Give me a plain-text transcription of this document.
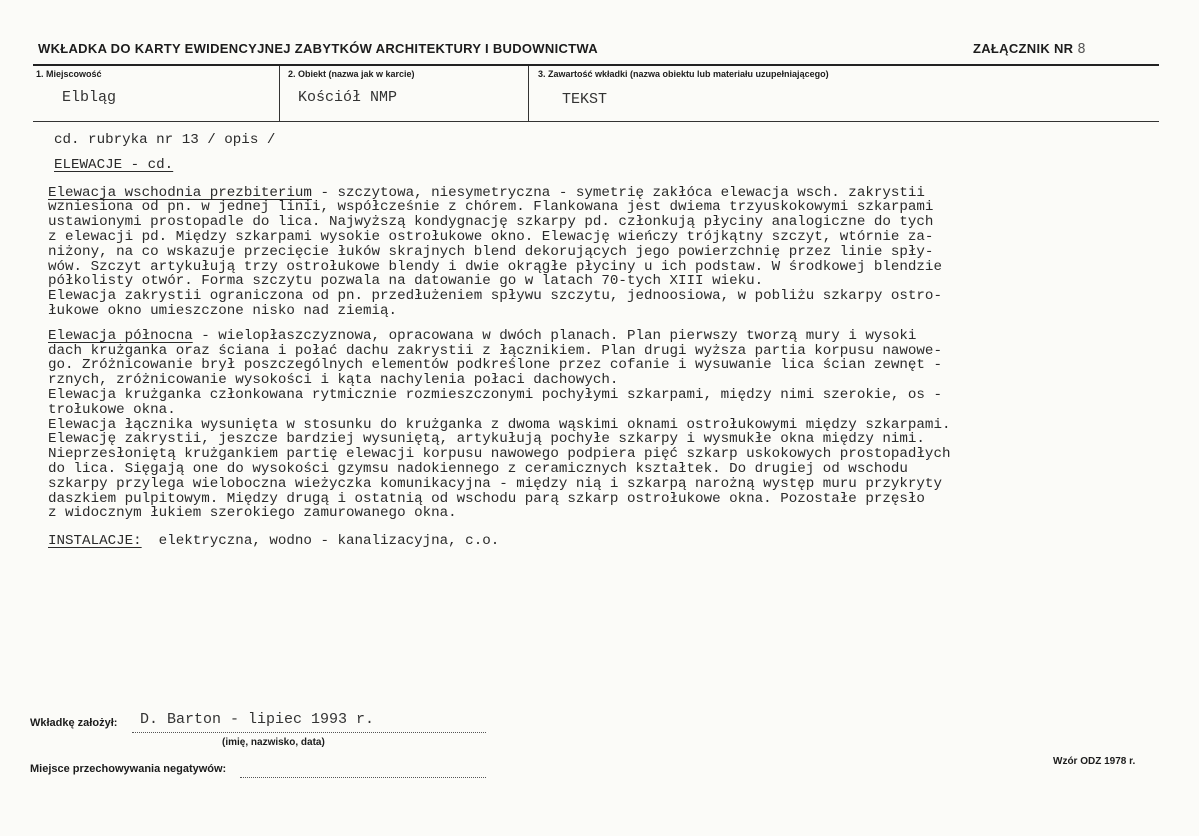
WKŁADKA DO KARTY EWIDENCYJNEJ ZABYTKÓW ARCHITEKTURY I BUDOWNICTWA	ZAŁĄCZNIK NR 8
1. Miejscowość
Elbląg
2. Obiekt (nazwa jak w karcie)
Kościół NMP
3. Zawartość wkładki (nazwa obiektu lub materiału uzupełniającego)
TEKST

cd. rubryka nr 13 / opis /

ELEWACJE - cd.

Elewacja wschodnia prezbiterium - szczytowa, niesymetryczna - symetrię zakłóca elewacja wsch. zakrystii

wzniesiona od pn. w jednej linii, współcześnie z chórem. Flankowana jest dwiema trzyuskokowymi szkarpami

ustawionymi prostopadle do lica. Najwyższą kondygnację szkarpy pd. członkują płyciny analogiczne do tych

z elewacji pd. Między szkarpami wysokie ostrołukowe okno. Elewację wieńczy trójkątny szczyt, wtórnie za-

niżony, na co wskazuje przecięcie łuków skrajnych blend dekorujących jego powierzchnię przez linie spły-

wów. Szczyt artykułują trzy ostrołukowe blendy i dwie okrągłe płyciny u ich podstaw. W środkowej blendzie

półkolisty otwór. Forma szczytu pozwala na datowanie go w latach 70-tych XIII wieku.

Elewacja zakrystii ograniczona od pn. przedłużeniem spływu szczytu, jednoosiowa, w pobliżu szkarpy ostro-

łukowe okno umieszczone nisko nad ziemią.

Elewacja północna - wielopłaszczyznowa, opracowana w dwóch planach. Plan pierwszy tworzą mury i wysoki

dach krużganka oraz ściana i połać dachu zakrystii z łącznikiem. Plan drugi wyższa partia korpusu nawowe-

go. Zróżnicowanie brył poszczególnych elementów podkreślone przez cofanie i wysuwanie lica ścian zewnęt -

rznych, zróżnicowanie wysokości i kąta nachylenia połaci dachowych.

Elewacja krużganka członkowana rytmicznie rozmieszczonymi pochyłymi szkarpami, między nimi szerokie, os -

trołukowe okna.

Elewacja łącznika wysunięta w stosunku do krużganka z dwoma wąskimi oknami ostrołukowymi między szkarpami.

Elewację zakrystii, jeszcze bardziej wysuniętą, artykułują pochyłe szkarpy i wysmukłe okna między nimi.

Nieprzesłoniętą krużgankiem partię elewacji korpusu nawowego podpiera pięć szkarp uskokowych prostopadłych

do lica. Sięgają one do wysokości gzymsu nadokiennego z ceramicznych kształtek. Do drugiej od wschodu

szkarpy przylega wieloboczna wieżyczka komunikacyjna - między nią i szkarpą narożną występ muru przykryty

daszkiem pulpitowym. Między drugą i ostatnią od wschodu parą szkarp ostrołukowe okna. Pozostałe przęsło

z widocznym łukiem szerokiego zamurowanego okna.

INSTALACJE:  elektryczna, wodno - kanalizacyjna, c.o.

Wkładkę założył: D. Barton - lipiec 1993 r.
(imię, nazwisko, data)
Miejsce przechowywania negatywów:
Wzór ODZ 1978 r.
